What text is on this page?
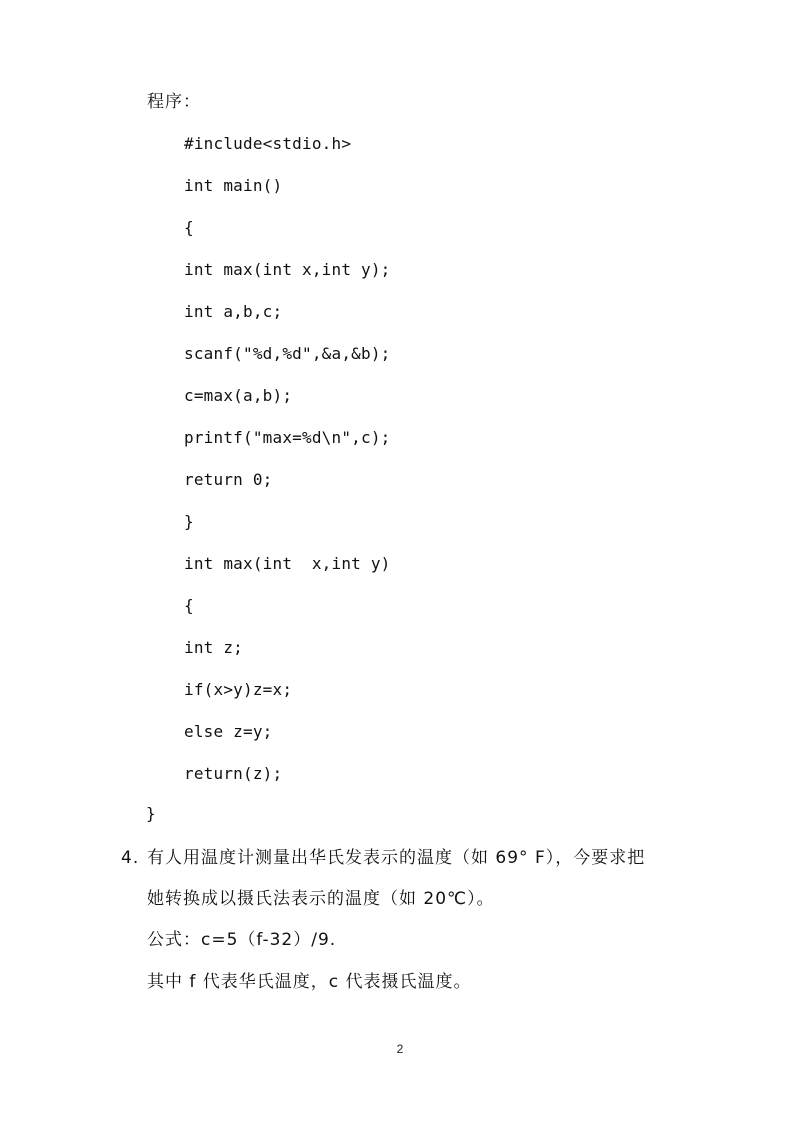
程序：
#include<stdio.h>
int main()
{
int max(int x,int y);
int a,b,c;
scanf("%d,%d",&a,&b);
c=max(a,b);
printf("max=%d\n",c);
return 0;
}
int max(int  x,int y)
{
int z;
if(x>y)z=x;
else z=y;
return(z);
}
4. 有人用温度计测量出华氏发表示的温度（如 69° F），今要求把
她转换成以摄氏法表示的温度（如 20℃）。
公式：c=5（f-32）/9.
其中 f 代表华氏温度，c 代表摄氏温度。
2
